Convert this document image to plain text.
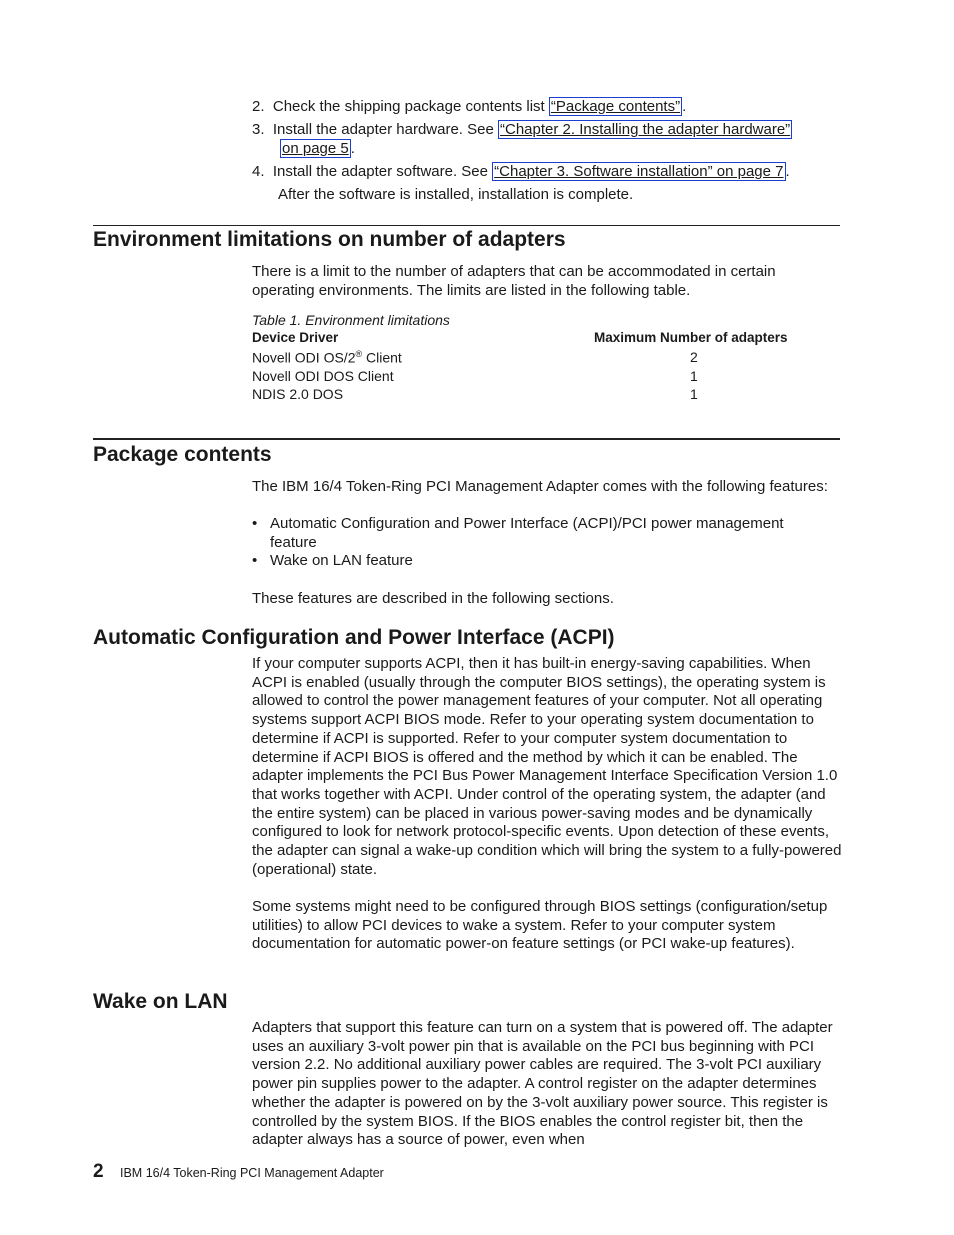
2. Check the shipping package contents list “Package contents” .
3. Install the adapter hardware. See “Chapter 2. Installing the adapter hardware”
on page 5 .
4. Install the adapter software. See “Chapter 3. Software installation” on page 7 .
After the software is installed, installation is complete.
Environment limitations on number of adapters

There is a limit to the number of adapters that can be accommodated in certain operating environments. The limits are listed in the following table.

Table 1. Environment limitations
Device Driver	Maximum Number of adapters
Novell ODI OS/2® Client	2
Novell ODI DOS Client	1
NDIS 2.0 DOS	1
Package contents

The IBM 16/4 Token-Ring PCI Management Adapter comes with the following features:

• Automatic Configuration and Power Interface (ACPI)/PCI power management feature

• Wake on LAN feature

These features are described in the following sections.

Automatic Configuration and Power Interface (ACPI)

If your computer supports ACPI, then it has built-in energy-saving capabilities. When ACPI is enabled (usually through the computer BIOS settings), the operating system is allowed to control the power management features of your computer. Not all operating systems support ACPI BIOS mode. Refer to your operating system documentation to determine if ACPI is supported. Refer to your computer system documentation to determine if ACPI BIOS is offered and the method by which it can be enabled. The adapter implements the PCI Bus Power Management Interface Specification Version 1.0 that works together with ACPI. Under control of the operating system, the adapter (and the entire system) can be placed in various power-saving modes and be dynamically configured to look for network protocol-specific events. Upon detection of these events, the adapter can signal a wake-up condition which will bring the system to a fully-powered (operational) state.

Some systems might need to be configured through BIOS settings (configuration/setup utilities) to allow PCI devices to wake a system. Refer to your computer system documentation for automatic power-on feature settings (or PCI wake-up features).

Wake on LAN

Adapters that support this feature can turn on a system that is powered off. The adapter uses an auxiliary 3-volt power pin that is available on the PCI bus beginning with PCI version 2.2. No additional auxiliary power cables are required. The 3-volt PCI auxiliary power pin supplies power to the adapter. A control register on the adapter determines whether the adapter is powered on by the 3-volt auxiliary power source. This register is controlled by the system BIOS. If the BIOS enables the control register bit, then the adapter always has a source of power, even when

2 IBM 16/4 Token-Ring PCI Management Adapter
